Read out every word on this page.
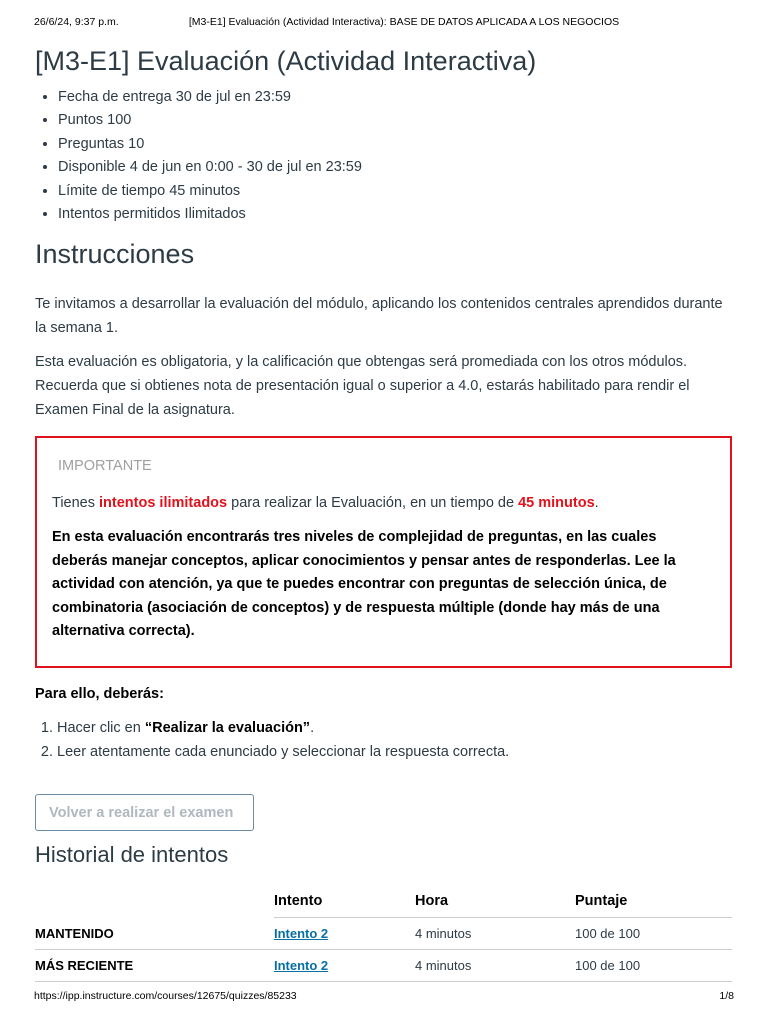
26/6/24, 9:37 p.m.	[M3-E1] Evaluación (Actividad Interactiva): BASE DE DATOS APLICADA A LOS NEGOCIOS
[M3-E1] Evaluación (Actividad Interactiva)
• Fecha de entrega 30 de jul en 23:59
• Puntos 100
• Preguntas 10
• Disponible 4 de jun en 0:00 - 30 de jul en 23:59
• Límite de tiempo 45 minutos
• Intentos permitidos Ilimitados
Instrucciones

Te invitamos a desarrollar la evaluación del módulo, aplicando los contenidos centrales aprendidos durante la semana 1.

Esta evaluación es obligatoria, y la calificación que obtengas será promediada con los otros módulos. Recuerda que si obtienes nota de presentación igual o superior a 4.0, estarás habilitado para rendir el Examen Final de la asignatura.

IMPORTANTE
Tienes intentos ilimitados para realizar la Evaluación, en un tiempo de 45 minutos.
En esta evaluación encontrarás tres niveles de complejidad de preguntas, en las cuales deberás manejar conceptos, aplicar conocimientos y pensar antes de responderlas. Lee la actividad con atención, ya que te puedes encontrar con preguntas de selección única, de combinatoria (asociación de conceptos) y de respuesta múltiple (donde hay más de una alternativa correcta).

Para ello, deberás:

1. Hacer clic en “Realizar la evaluación”.
2. Leer atentamente cada enunciado y seleccionar la respuesta correcta.
Volver a realizar el examen
Historial de intentos
	Intento	Hora	Puntaje
MANTENIDO	Intento 2	4 minutos	100 de 100
MÁS RECIENTE	Intento 2	4 minutos	100 de 100
https://ipp.instructure.com/courses/12675/quizzes/85233	1/8
